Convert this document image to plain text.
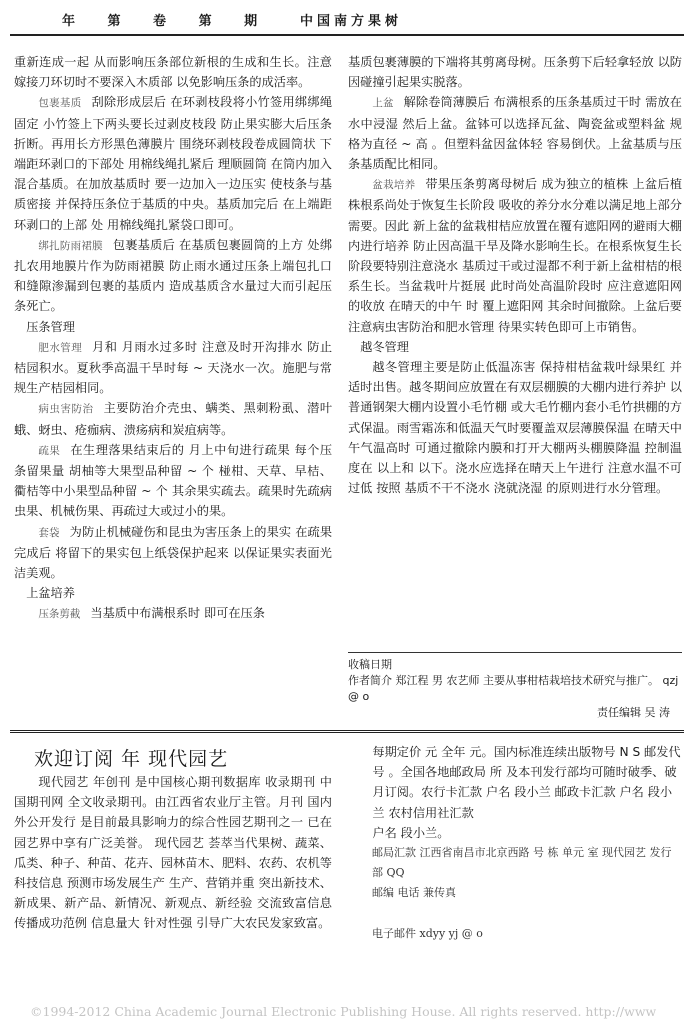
年 第 卷 第 期 中国南方果树

重新连成一起 从而影响压条部位新根的生成和生长。注意嫁接刀环切时不要深入木质部 以免影响压条的成活率。

包裹基质 刮除形成层后 在环剥枝段将小竹签用绑绑绳固定 小竹签上下两头要长过剥皮枝段 防止果实膨大后压条折断。再用长方形黑色薄膜片 围绕环剥枝段卷成圆筒状 下端距环剥口的下部处 用棉线绳扎紧后 理顺圆筒 在筒内加入混合基质。在加放基质时 要一边加入一边压实 使枝条与基质密接 并保持压条位于基质的中央。基质加完后 在上端距环剥口的上部 处 用棉线绳扎紧袋口即可。

绑扎防雨裙膜 包裹基质后 在基质包裹圆筒的上方 处绑扎农用地膜片作为防雨裙膜 防止雨水通过压条上端包扎口和缝隙渗漏到包裹的基质内 造成基质含水量过大而引起压条死亡。

压条管理

肥水管理 月和 月雨水过多时 注意及时开沟排水 防止桔园积水。夏秋季高温干旱时每 ~ 天浇水一次。施肥与常规生产桔园相同。

病虫害防治 主要防治介壳虫、螨类、黑刺粉虱、潜叶蛾、蚜虫、疮痂病、溃疡病和炭疽病等。

疏果 在生理落果结束后的 月上中旬进行疏果 每个压条留果量 胡柚等大果型品种留 ~ 个 椪柑、天草、早桔、衢桔等中小果型品种留 ~ 个 其余果实疏去。疏果时先疏病虫果、机械伤果、再疏过大或过小的果。

套袋 为防止机械碰伤和昆虫为害压条上的果实 在疏果完成后 将留下的果实包上纸袋保护起来 以保证果实表面光洁美观。

上盆培养

压条剪截 当基质中布满根系时 即可在压条

基质包裹薄膜的下端将其剪离母树。压条剪下后轻拿轻放 以防因碰撞引起果实脱落。

上盆 解除卷筒薄膜后 布满根系的压条基质过干时 需放在水中浸湿 然后上盆。盆钵可以选择瓦盆、陶瓷盆或塑料盆 规格为直径 ~ 高 。但塑料盆因盆体轻 容易倒伏。上盆基质与压条基质配比相同。

盆栽培养 带果压条剪离母树后 成为独立的植株 上盆后植株根系尚处于恢复生长阶段 吸收的养分水分难以满足地上部分需要。因此 新上盆的盆栽柑桔应放置在覆有遮阳网的避雨大棚内进行培养 防止因高温干旱及降水影响生长。在根系恢复生长阶段要特别注意浇水 基质过干或过湿都不利于新上盆柑桔的根系生长。当盆栽叶片挺展 此时尚处高温阶段时 应注意遮阳网的收放 在晴天的中午 时 覆上遮阳网 其余时间撤除。上盆后要注意病虫害防治和肥水管理 待果实转色即可上市销售。

越冬管理

越冬管理主要是防止低温冻害 保持柑桔盆栽叶绿果红 并适时出售。越冬期间应放置在有双层棚膜的大棚内进行养护 以普通钢架大棚内设置小毛竹棚 或大毛竹棚内套小毛竹拱棚的方式保温。雨雪霜冻和低温天气时要覆盖双层薄膜保温 在晴天中午气温高时 可通过撤除内膜和打开大棚两头棚膜降温 控制温度在 以上和 以下。浇水应选择在晴天上午进行 注意水温不可过低 按照 基质不干不浇水 浇就浇湿 的原则进行水分管理。

收稿日期
作者简介 郑江程 男 农艺师 主要从事柑桔栽培技术研究与推广。 qzj @ o
责任编辑 吴 涛
欢迎订阅 年 现代园艺

现代园艺 年创刊 是中国核心期刊数据库 收录期刊 中国期刊网 全文收录期刊。由江西省农业厅主管。月刊 国内外公开发行 是目前最具影响力的综合性园艺期刊之一 已在园艺界中享有广泛美誉。 现代园艺 荟萃当代果树、蔬菜、瓜类、种子、种苗、花卉、园林苗木、肥料、农药、农机等科技信息 预测市场发展生产 生产、营销并重 突出新技术、新成果、新产品、新情况、新观点、新经验 交流致富信息 传播成功范例 信息量大 针对性强 引导广大农民发家致富。

每期定价 元 全年 元。国内标准连续出版物号 N S 邮发代号 。全国各地邮政局 所 及本刊发行部均可随时破季、破月订阅。农行卡汇款 户名 段小兰 邮政卡汇款 户名 段小兰 农村信用社汇款

户名 段小兰。

邮局汇款 江西省南昌市北京西路 号 栋 单元 室 现代园艺 发行部 QQ

邮编 电话 兼传真

电子邮件 xdyy yj @ o

©1994-2012 China Academic Journal Electronic Publishing House. All rights reserved. http://www
